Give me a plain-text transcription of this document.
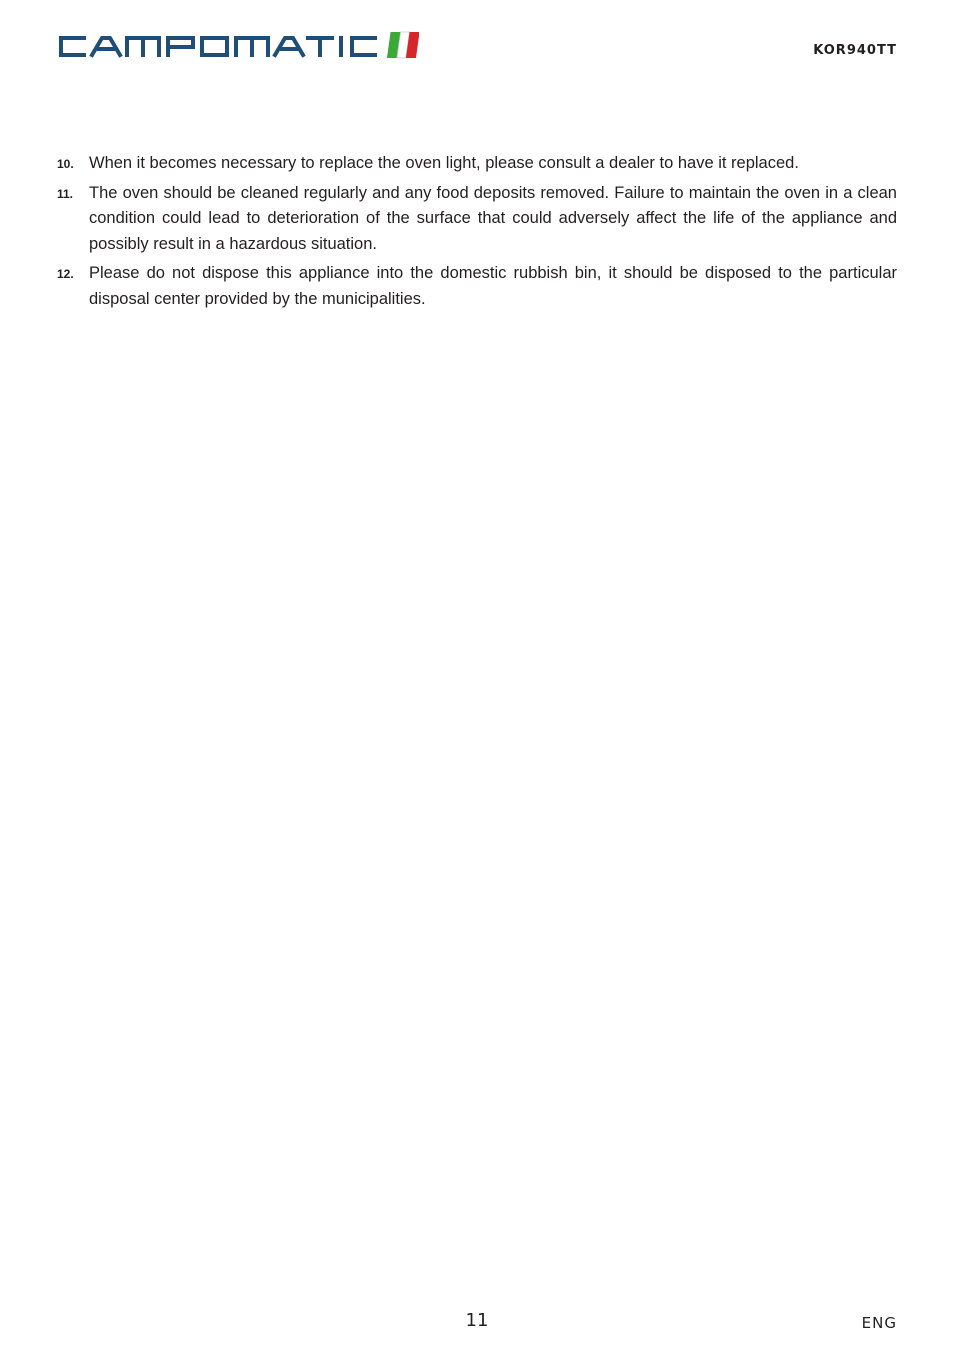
KOR940TT
10. When it becomes necessary to replace the oven light, please consult a dealer to have it replaced.
11. The oven should be cleaned regularly and any food deposits removed. Failure to maintain the oven in a clean condition could lead to deterioration of the surface that could adversely affect the life of the appliance and possibly result in a hazardous situation.
12. Please do not dispose this appliance into the domestic rubbish bin, it should be disposed to the particular disposal center provided by the municipalities.
11	ENG
